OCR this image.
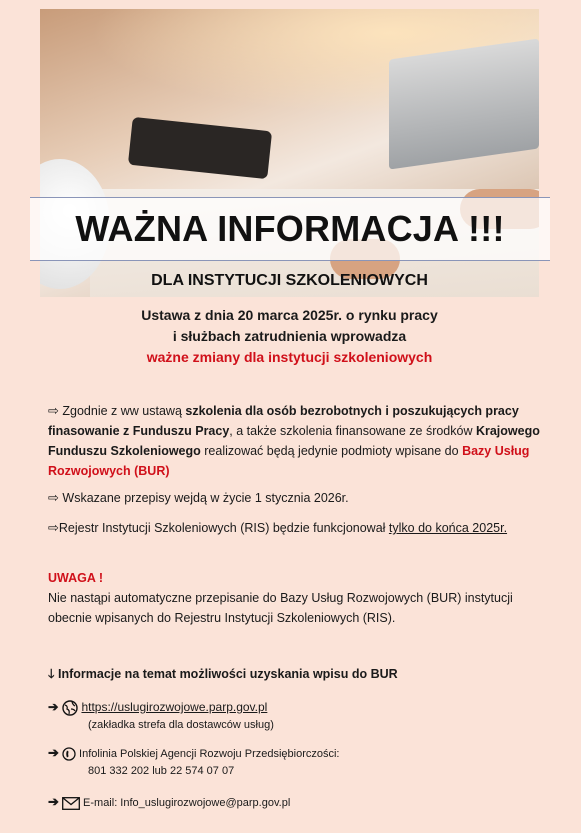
WAŻNA INFORMACJA !!!
DLA INSTYTUCJI SZKOLENIOWYCH
Ustawa z dnia 20 marca 2025r. o rynku pracy
i służbach zatrudnienia wprowadza
ważne zmiany dla instytucji szkoleniowych
⇨ Zgodnie z ww ustawą szkolenia dla osób bezrobotnych i poszukujących pracy finasowanie z Funduszu Pracy, a także szkolenia finansowane ze środków Krajowego Funduszu Szkoleniowego realizować będą jedynie podmioty wpisane do Bazy Usług Rozwojowych (BUR)
⇨ Wskazane przepisy wejdą w życie 1 stycznia 2026r.
⇨Rejestr Instytucji Szkoleniowych (RIS) będzie funkcjonował tylko do końca 2025r.
UWAGA !
Nie nastąpi automatyczne przepisanie do Bazy Usług Rozwojowych (BUR) instytucji obecnie wpisanych do Rejestru Instytucji Szkoleniowych (RIS).
🡓 Informacje na temat możliwości uzyskania wpisu do BUR
➔ https://uslugirozwojowe.parp.gov.pl
(zakładka strefa dla dostawców usług)
➔ Infolinia Polskiej Agencji Rozwoju Przedsiębiorczości:
801 332 202 lub 22 574 07 07
➔ E-mail: Info_uslugirozwojowe@parp.gov.pl
